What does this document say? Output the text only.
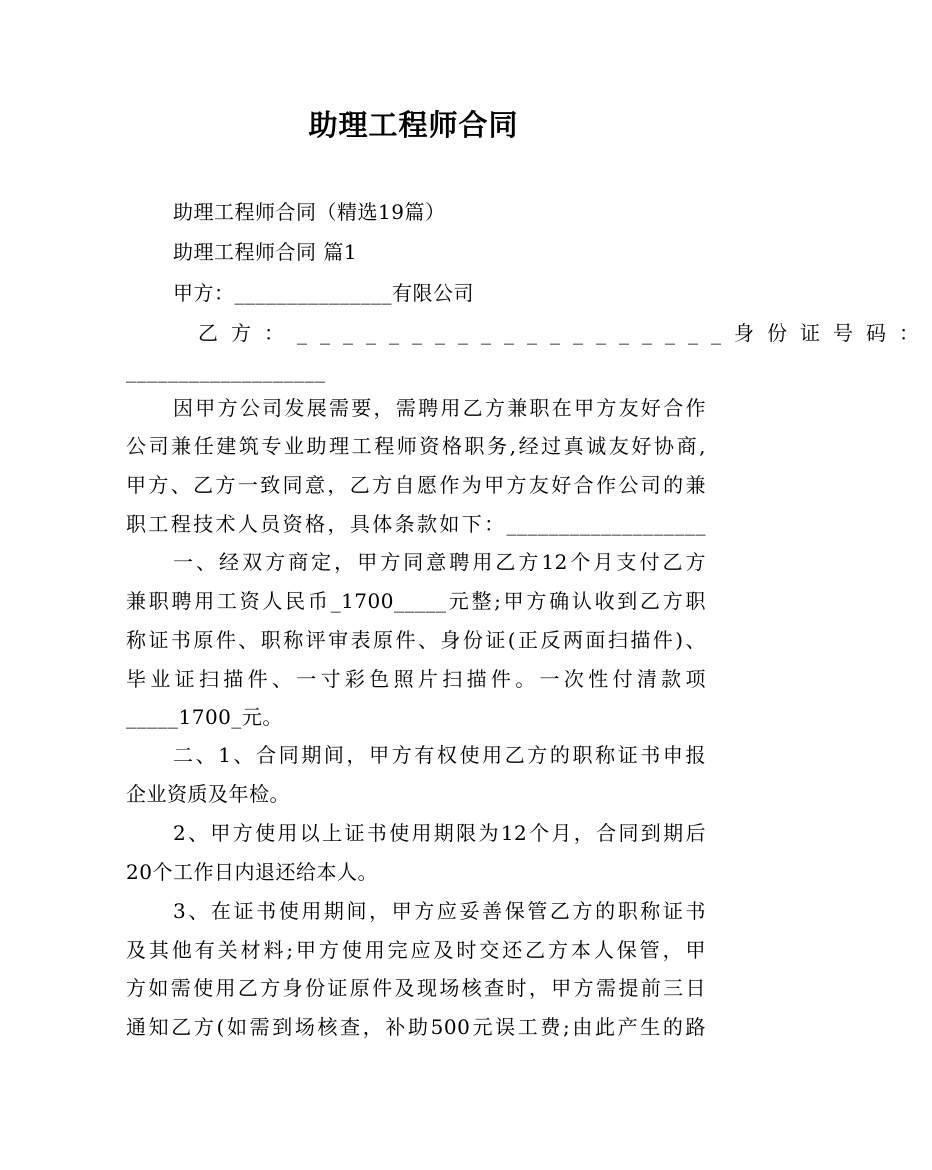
助理工程师合同
助理工程师合同（精选19篇）
助理工程师合同 篇1
甲方：_______________有限公司
乙方：___________________身份证号码：
___________________
因甲方公司发展需要，需聘用乙方兼职在甲方友好合作
公司兼任建筑专业助理工程师资格职务,经过真诚友好协商,
甲方、乙方一致同意，乙方自愿作为甲方友好合作公司的兼
职工程技术人员资格，具体条款如下：___________________
一、经双方商定，甲方同意聘用乙方12个月支付乙方
兼职聘用工资人民币_1700_____元整;甲方确认收到乙方职
称证书原件、职称评审表原件、身份证(正反两面扫描件)、
毕业证扫描件、一寸彩色照片扫描件。一次性付清款项
_____1700_元。
二、1、合同期间，甲方有权使用乙方的职称证书申报
企业资质及年检。
2、甲方使用以上证书使用期限为12个月，合同到期后
20个工作日内退还给本人。
3、在证书使用期间，甲方应妥善保管乙方的职称证书
及其他有关材料;甲方使用完应及时交还乙方本人保管，甲
方如需使用乙方身份证原件及现场核查时，甲方需提前三日
通知乙方(如需到场核查，补助500元误工费;由此产生的路
